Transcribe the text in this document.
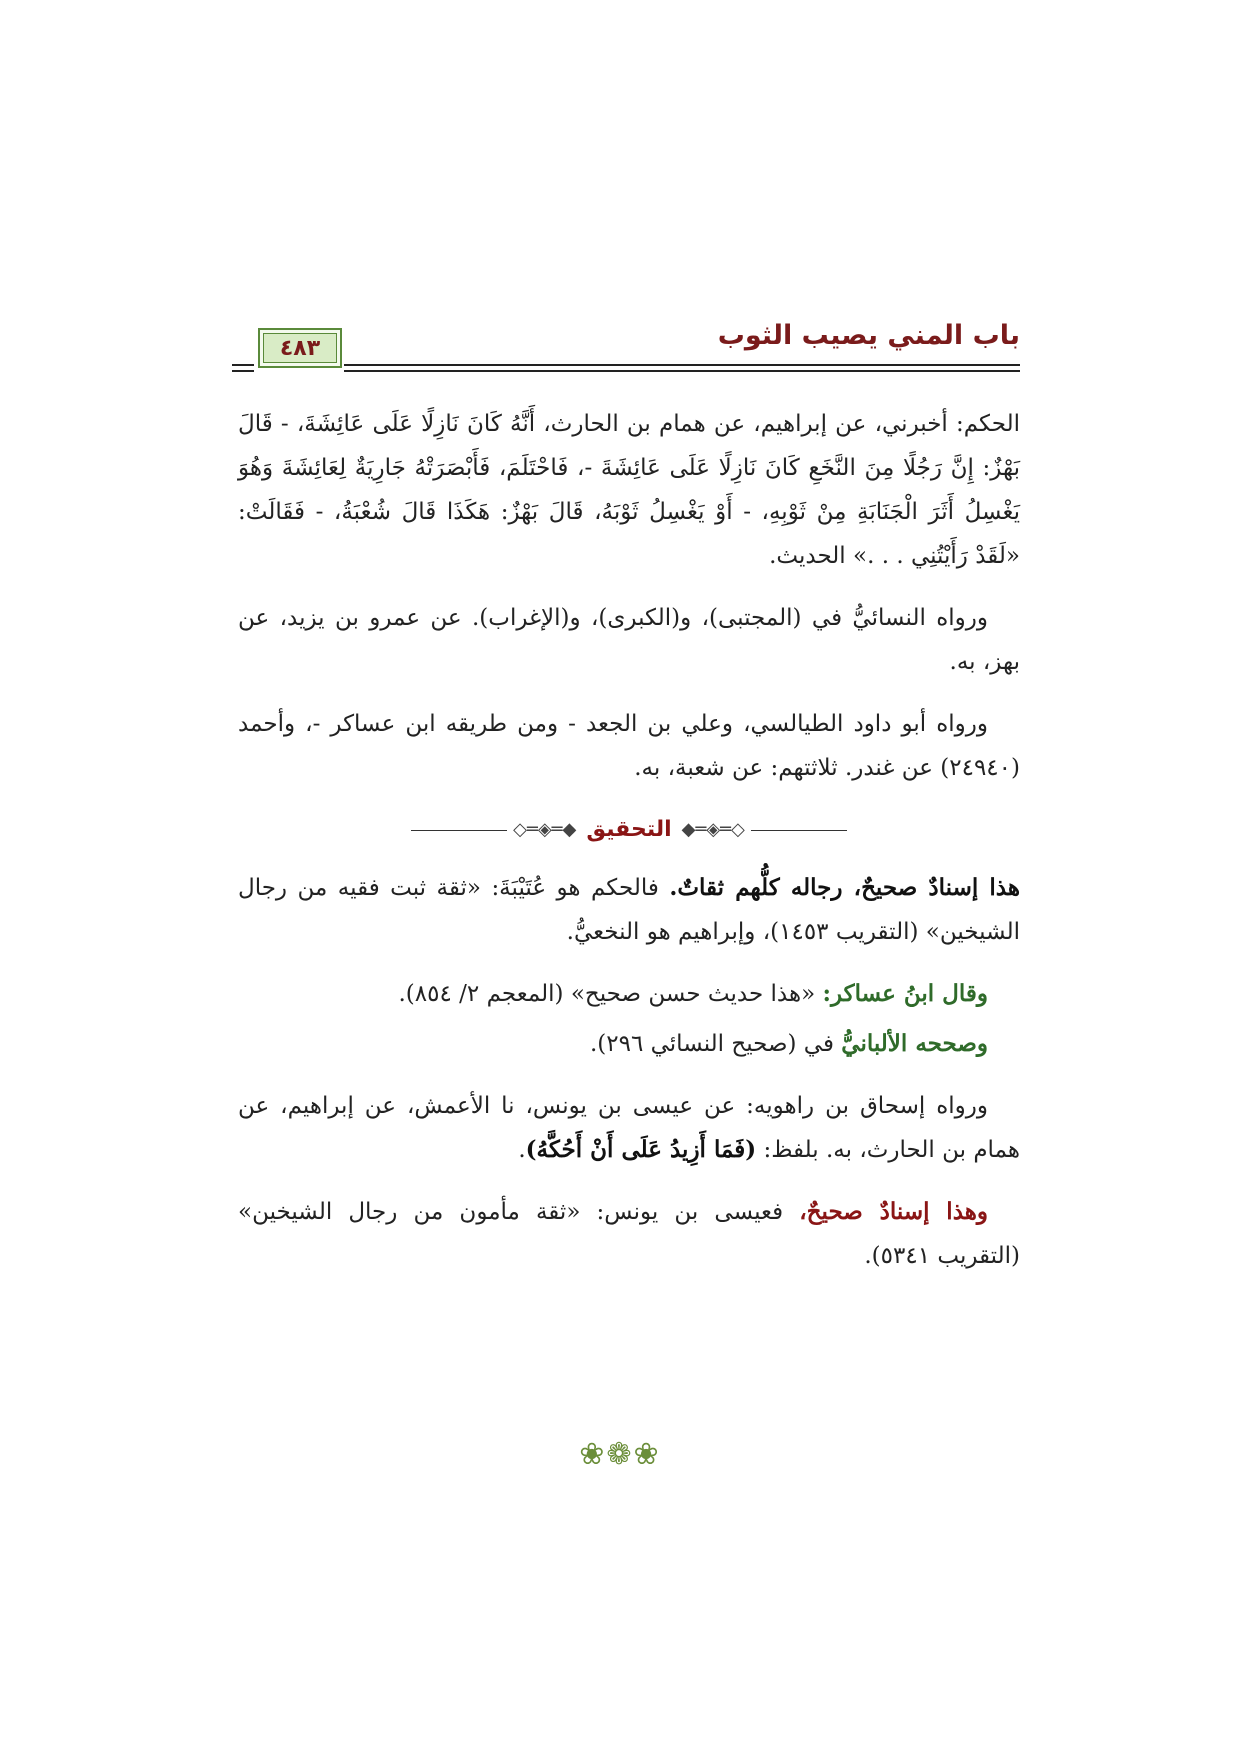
باب المني يصيب الثوب
٤٨٣

الحكم: أخبرني، عن إبراهيم، عن همام بن الحارث، أَنَّهُ كَانَ نَازِلًا عَلَى عَائِشَةَ، - قَالَ بَهْزٌ: إِنَّ رَجُلًا مِنَ النَّخَعِ كَانَ نَازِلًا عَلَى عَائِشَةَ -، فَاحْتَلَمَ، فَأَبْصَرَتْهُ جَارِيَةٌ لِعَائِشَةَ وَهُوَ يَغْسِلُ أَثَرَ الْجَنَابَةِ مِنْ ثَوْبِهِ، - أَوْ يَغْسِلُ ثَوْبَهُ، قَالَ بَهْزٌ: هَكَذَا قَالَ شُعْبَةُ، - فَقَالَتْ: «لَقَدْ رَأَيْتُنِي . . .» الحديث.

ورواه النسائيُّ في (المجتبى)، و(الكبرى)، و(الإغراب). عن عمرو بن يزيد، عن بهز، به.

ورواه أبو داود الطيالسي، وعلي بن الجعد - ومن طريقه ابن عساكر -، وأحمد (٢٤٩٤٠) عن غندر. ثلاثتهم: عن شعبة، به.

◇═◈═◆
التحقيق
◆═◈═◇

هذا إسنادٌ صحيحٌ، رجاله كلُّهم ثقاتٌ. فالحكم هو عُتَيْبَةَ: «ثقة ثبت فقيه من رجال الشيخين» (التقريب ١٤٥٣)، وإبراهيم هو النخعيُّ.

وقال ابنُ عساكر: «هذا حديث حسن صحيح» (المعجم ٢/ ٨٥٤).

وصححه الألبانيُّ في (صحيح النسائي ٢٩٦).

ورواه إسحاق بن راهويه: عن عيسى بن يونس، نا الأعمش، عن إبراهيم، عن همام بن الحارث، به. بلفظ: (فَمَا أَزِيدُ عَلَى أَنْ أَحُكَّهُ).

وهذا إسنادٌ صحيحٌ، فعيسى بن يونس: «ثقة مأمون من رجال الشيخين» (التقريب ٥٣٤١).

❀❁❀
